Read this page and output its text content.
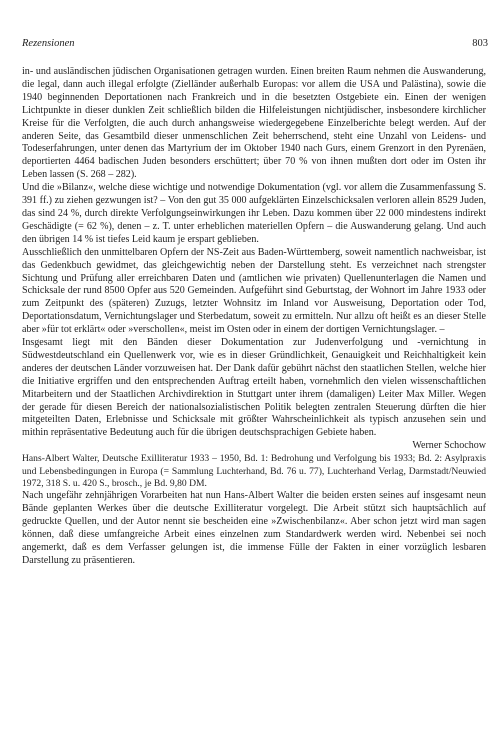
Rezensionen	803

in- und ausländischen jüdischen Organisationen getragen wurden. Einen breiten Raum nehmen die Auswanderung, die legal, dann auch illegal erfolgte (Zielländer außerhalb Europas: vor allem die USA und Palästina), sowie die 1940 beginnenden Deportationen nach Frankreich und in die besetzten Ostgebiete ein. Einen der wenigen Lichtpunkte in dieser dunklen Zeit schließlich bilden die Hilfeleistungen nichtjüdischer, insbesondere kirchlicher Kreise für die Verfolgten, die auch durch anhangsweise wiedergegebene Einzelberichte belegt werden. Auf der anderen Seite, das Gesamtbild dieser unmenschlichen Zeit beherrschend, steht eine Unzahl von Leidens- und Todeserfahrungen, unter denen das Martyrium der im Oktober 1940 nach Gurs, einem Grenzort in den Pyrenäen, deportierten 4464 badischen Juden besonders erschüttert; über 70 % von ihnen mußten dort oder im Osten ihr Leben lassen (S. 268 – 282).

Und die »Bilanz«, welche diese wichtige und notwendige Dokumentation (vgl. vor allem die Zusammenfassung S. 391 ff.) zu ziehen gezwungen ist? – Von den gut 35 000 aufgeklärten Einzelschicksalen verloren allein 8529 Juden, das sind 24 %, durch direkte Verfolgungseinwirkungen ihr Leben. Dazu kommen über 22 000 mindestens indirekt Geschädigte (= 62 %), denen – z. T. unter erheblichen materiellen Opfern – die Auswanderung gelang. Und auch den übrigen 14 % ist tiefes Leid kaum je erspart geblieben.

Ausschließlich den unmittelbaren Opfern der NS-Zeit aus Baden-Württemberg, soweit namentlich nachweisbar, ist das Gedenkbuch gewidmet, das gleichgewichtig neben der Darstellung steht. Es verzeichnet nach strengster Sichtung und Prüfung aller erreichbaren Daten und (amtlichen wie privaten) Quellenunterlagen die Namen und Schicksale der rund 8500 Opfer aus 520 Gemeinden. Aufgeführt sind Geburtstag, der Wohnort im Jahre 1933 oder zum Zeitpunkt des (späteren) Zuzugs, letzter Wohnsitz im Inland vor Ausweisung, Deportation oder Tod, Deportationsdatum, Vernichtungslager und Sterbedatum, soweit zu ermitteln. Nur allzu oft heißt es an dieser Stelle aber »für tot erklärt« oder »verschollen«, meist im Osten oder in einem der dortigen Vernichtungslager. –

Insgesamt liegt mit den Bänden dieser Dokumentation zur Judenverfolgung und -vernichtung in Südwestdeutschland ein Quellenwerk vor, wie es in dieser Gründlichkeit, Genauigkeit und Reichhaltigkeit kein anderes der deutschen Länder vorzuweisen hat. Der Dank dafür gebührt nächst den staatlichen Stellen, welche hier die Initiative ergriffen und den entsprechenden Auftrag erteilt haben, vornehmlich den vielen wissenschaftlichen Mitarbeitern und der Staatlichen Archivdirektion in Stuttgart unter ihrem (damaligen) Leiter Max Miller. Wegen der gerade für diesen Bereich der nationalsozialistischen Politik belegten zentralen Steuerung dürften die hier mitgeteilten Daten, Erlebnisse und Schicksale mit größter Wahrscheinlichkeit als typisch anzusehen sein und mithin repräsentative Bedeutung auch für die übrigen deutschsprachigen Gebiete haben.

Werner Schochow

Hans-Albert Walter, Deutsche Exilliteratur 1933 – 1950, Bd. 1: Bedrohung und Verfolgung bis 1933; Bd. 2: Asylpraxis und Lebensbedingungen in Europa (= Sammlung Luchterhand, Bd. 76 u. 77), Luchterhand Verlag, Darmstadt/Neuwied 1972, 318 S. u. 420 S., brosch., je Bd. 9,80 DM.

Nach ungefähr zehnjährigen Vorarbeiten hat nun Hans-Albert Walter die beiden ersten seines auf insgesamt neun Bände geplanten Werkes über die deutsche Exilliteratur vorgelegt. Die Arbeit stützt sich hauptsächlich auf gedruckte Quellen, und der Autor nennt sie bescheiden eine »Zwischenbilanz«. Aber schon jetzt wird man sagen können, daß diese umfangreiche Arbeit eines einzelnen zum Standardwerk werden wird. Nebenbei sei noch angemerkt, daß es dem Verfasser gelungen ist, die immense Fülle der Fakten in einer vorzüglich lesbaren Darstellung zu präsentieren.
